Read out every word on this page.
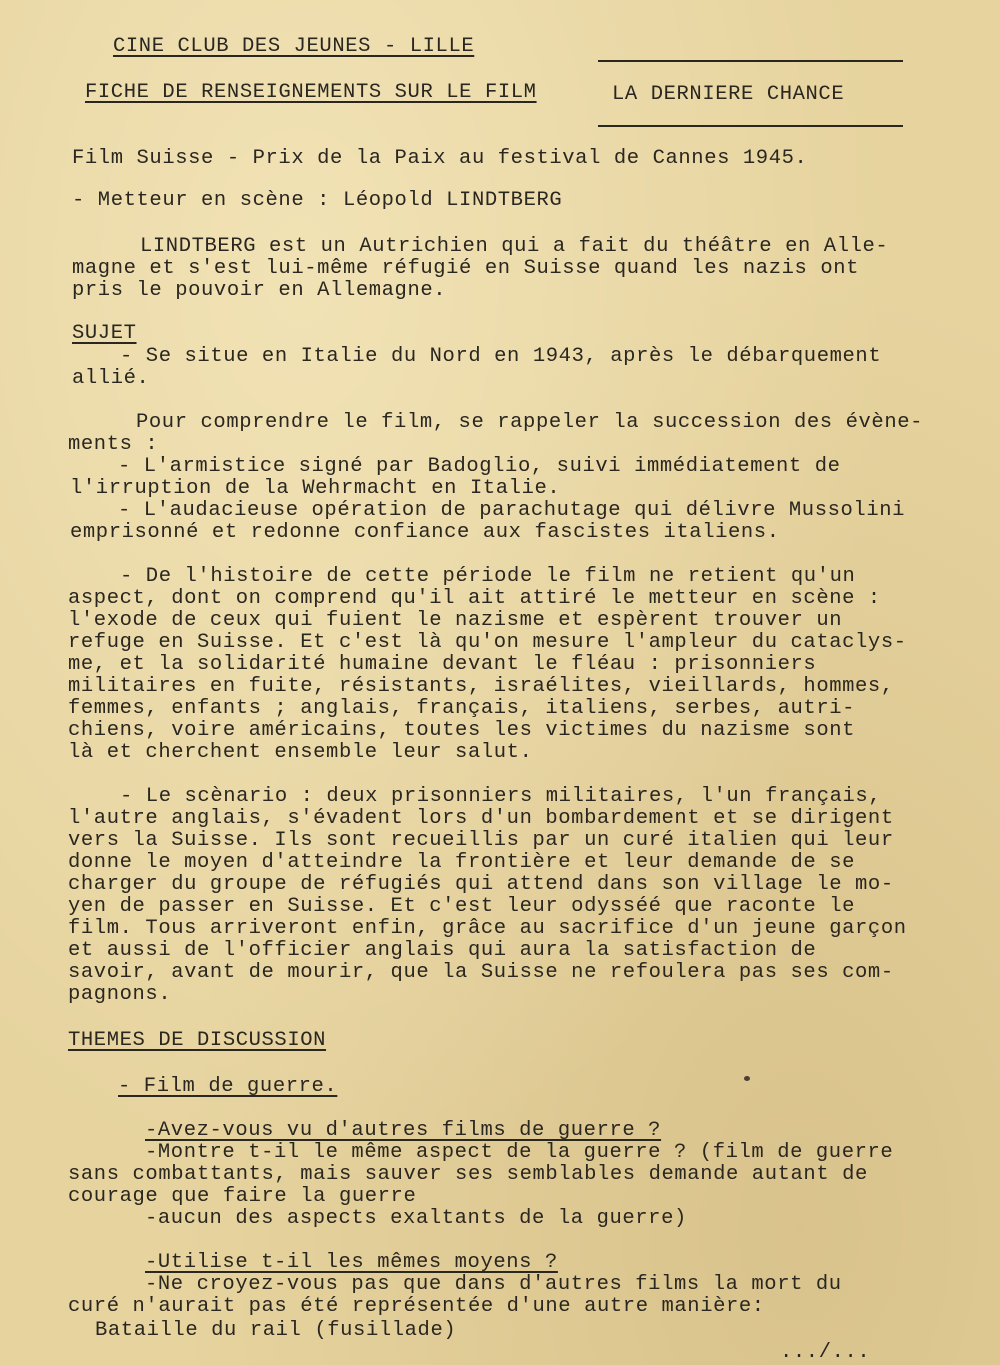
CINE CLUB DES JEUNES - LILLE
FICHE DE RENSEIGNEMENTS SUR LE FILM	LA DERNIERE CHANCE
Film Suisse - Prix de la Paix au festival de Cannes 1945.
- Metteur en scène : Léopold LINDTBERG
LINDTBERG est un Autrichien qui a fait du théâtre en Alle-
magne et s'est lui-même réfugié en Suisse quand les nazis ont
pris le pouvoir en Allemagne.
SUJET
- Se situe en Italie du Nord en 1943, après le débarquement
allié.
Pour comprendre le film, se rappeler la succession des évène-
ments :
- L'armistice signé par Badoglio, suivi immédiatement de
l'irruption de la Wehrmacht en Italie.
- L'audacieuse opération de parachutage qui délivre Mussolini
emprisonné et redonne confiance aux fascistes italiens.
- De l'histoire de cette période le film ne retient qu'un
aspect, dont on comprend qu'il ait attiré le metteur en scène :
l'exode de ceux qui fuient le nazisme et espèrent trouver un
refuge en Suisse. Et c'est là qu'on mesure l'ampleur du cataclys-
me, et la solidarité humaine devant le fléau : prisonniers
militaires en fuite, résistants, israélites, vieillards, hommes,
femmes, enfants ; anglais, français, italiens, serbes, autri-
chiens, voire américains, toutes les victimes du nazisme sont
là et cherchent ensemble leur salut.
- Le scènario : deux prisonniers militaires, l'un français,
l'autre anglais, s'évadent lors d'un bombardement et se dirigent
vers la Suisse. Ils sont recueillis par un curé italien qui leur
donne le moyen d'atteindre la frontière et leur demande de se
charger du groupe de réfugiés qui attend dans son village le mo-
yen de passer en Suisse. Et c'est leur odysséé que raconte le
film. Tous arriveront enfin, grâce au sacrifice d'un jeune garçon
et aussi de l'officier anglais qui aura la satisfaction de
savoir, avant de mourir, que la Suisse ne refoulera pas ses com-
pagnons.
THEMES DE DISCUSSION
- Film de guerre.
-Avez-vous vu d'autres films de guerre ?
-Montre t-il le même aspect de la guerre ? (film de guerre
sans combattants, mais sauver ses semblables demande autant de
courage que faire la guerre
-aucun des aspects exaltants de la guerre)
-Utilise t-il les mêmes moyens ?
-Ne croyez-vous pas que dans d'autres films la mort du
curé n'aurait pas été représentée d'une autre manière:
Bataille du rail (fusillade)
.../...
